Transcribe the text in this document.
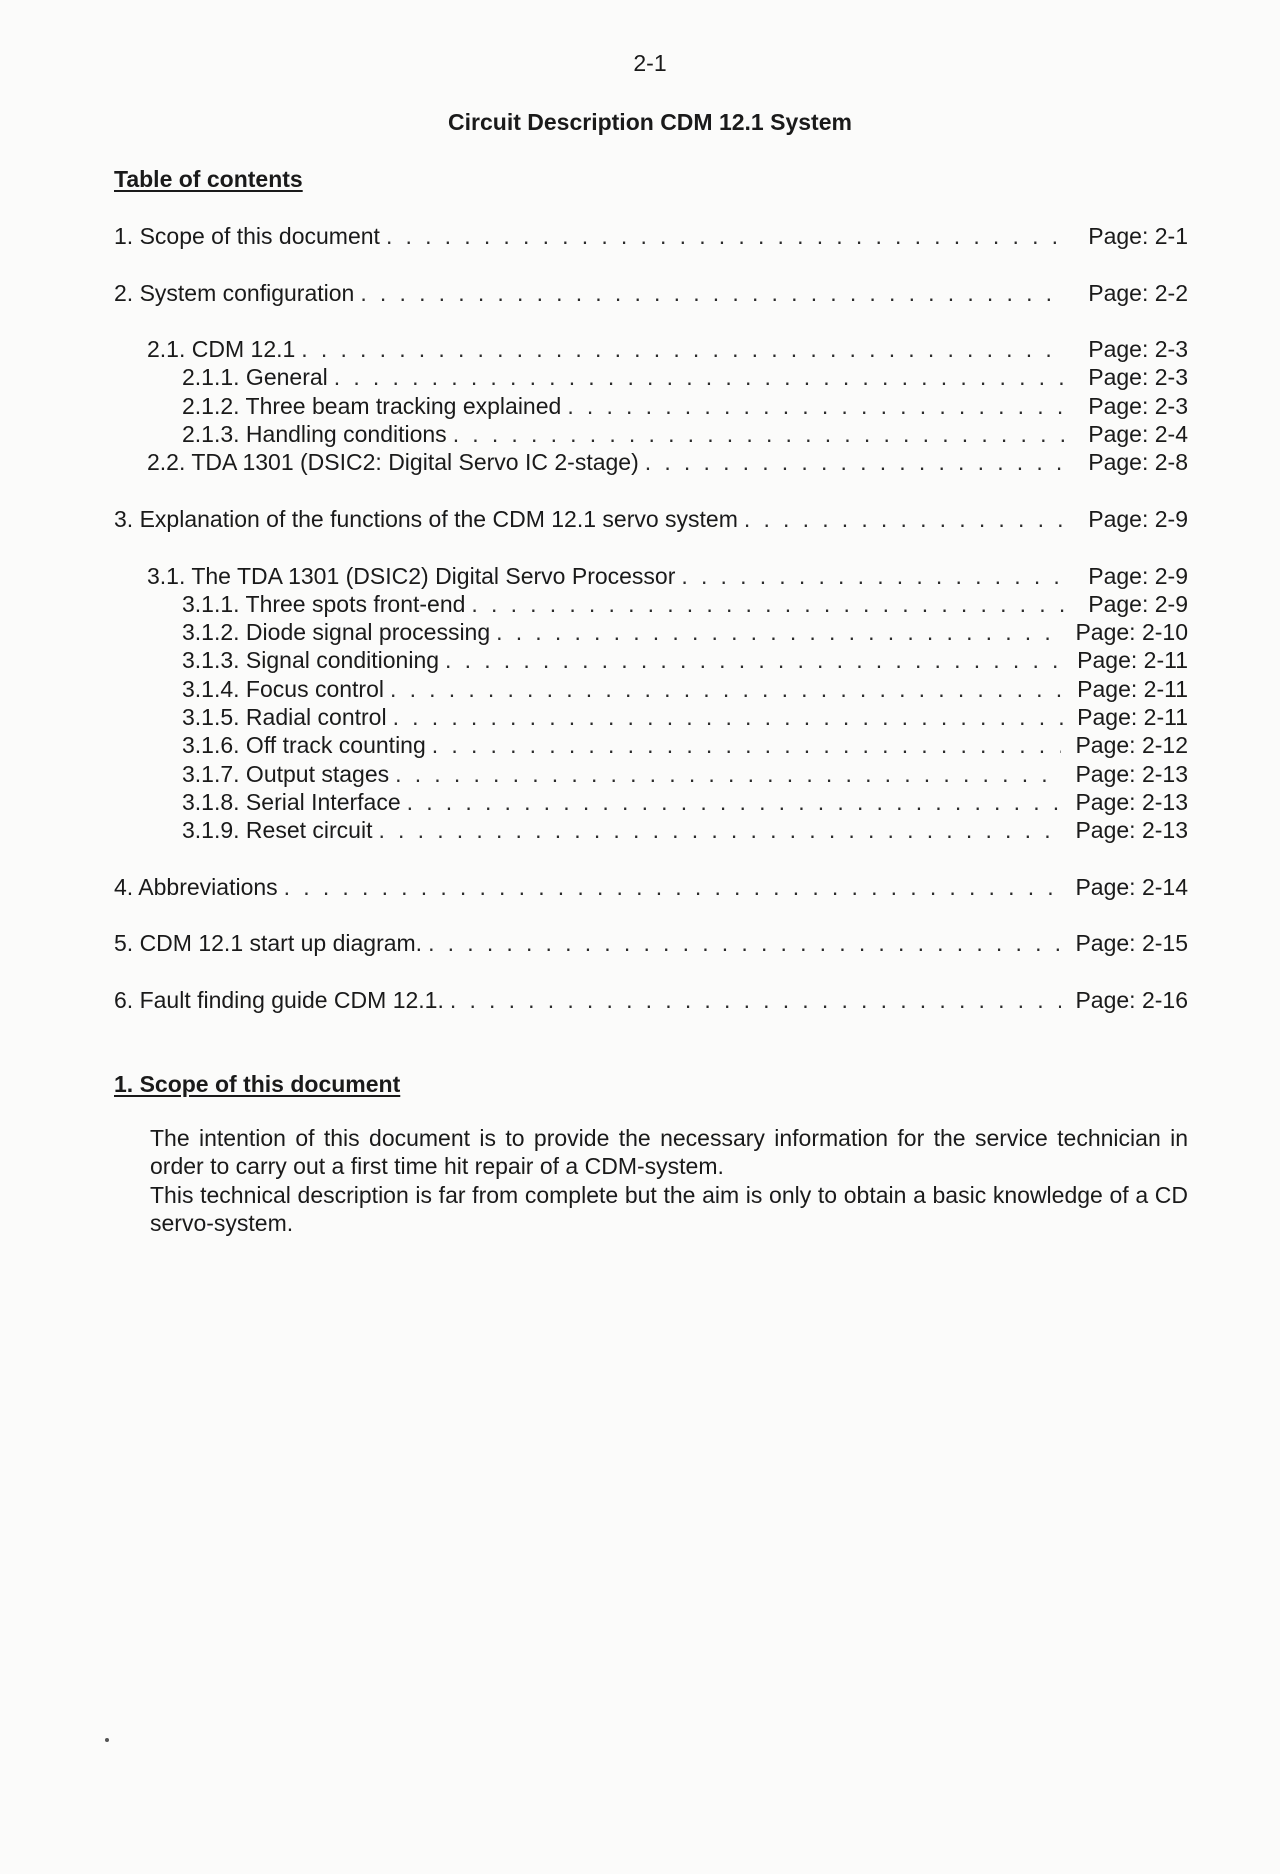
2-1
Circuit Description CDM 12.1 System
Table of contents
1. Scope of this document . . .	Page: 2-1
2. System configuration . . .	Page: 2-2
2.1. CDM 12.1 . . .	Page: 2-3
2.1.1. General . . .	Page: 2-3
2.1.2. Three beam tracking explained . . .	Page: 2-3
2.1.3. Handling conditions . . .	Page: 2-4
2.2. TDA 1301 (DSIC2: Digital Servo IC 2-stage) . . .	Page: 2-8
3. Explanation of the functions of the CDM 12.1 servo system . . .	Page: 2-9
3.1. The TDA 1301 (DSIC2) Digital Servo Processor . . .	Page: 2-9
3.1.1. Three spots front-end . . .	Page: 2-9
3.1.2. Diode signal processing . . .	Page: 2-10
3.1.3. Signal conditioning . . .	Page: 2-11
3.1.4. Focus control . . .	Page: 2-11
3.1.5. Radial control . . .	Page: 2-11
3.1.6. Off track counting . . .	Page: 2-12
3.1.7. Output stages . . .	Page: 2-13
3.1.8. Serial Interface . . .	Page: 2-13
3.1.9. Reset circuit . . .	Page: 2-13
4. Abbreviations . . .	Page: 2-14
5. CDM 12.1 start up diagram. . . .	Page: 2-15
6. Fault finding guide CDM 12.1. . . .	Page: 2-16
1. Scope of this document

The intention of this document is to provide the necessary information for the service technician in order to carry out a first time hit repair of a CDM-system.

This technical description is far from complete but the aim is only to obtain a basic knowledge of a CD servo-system.
